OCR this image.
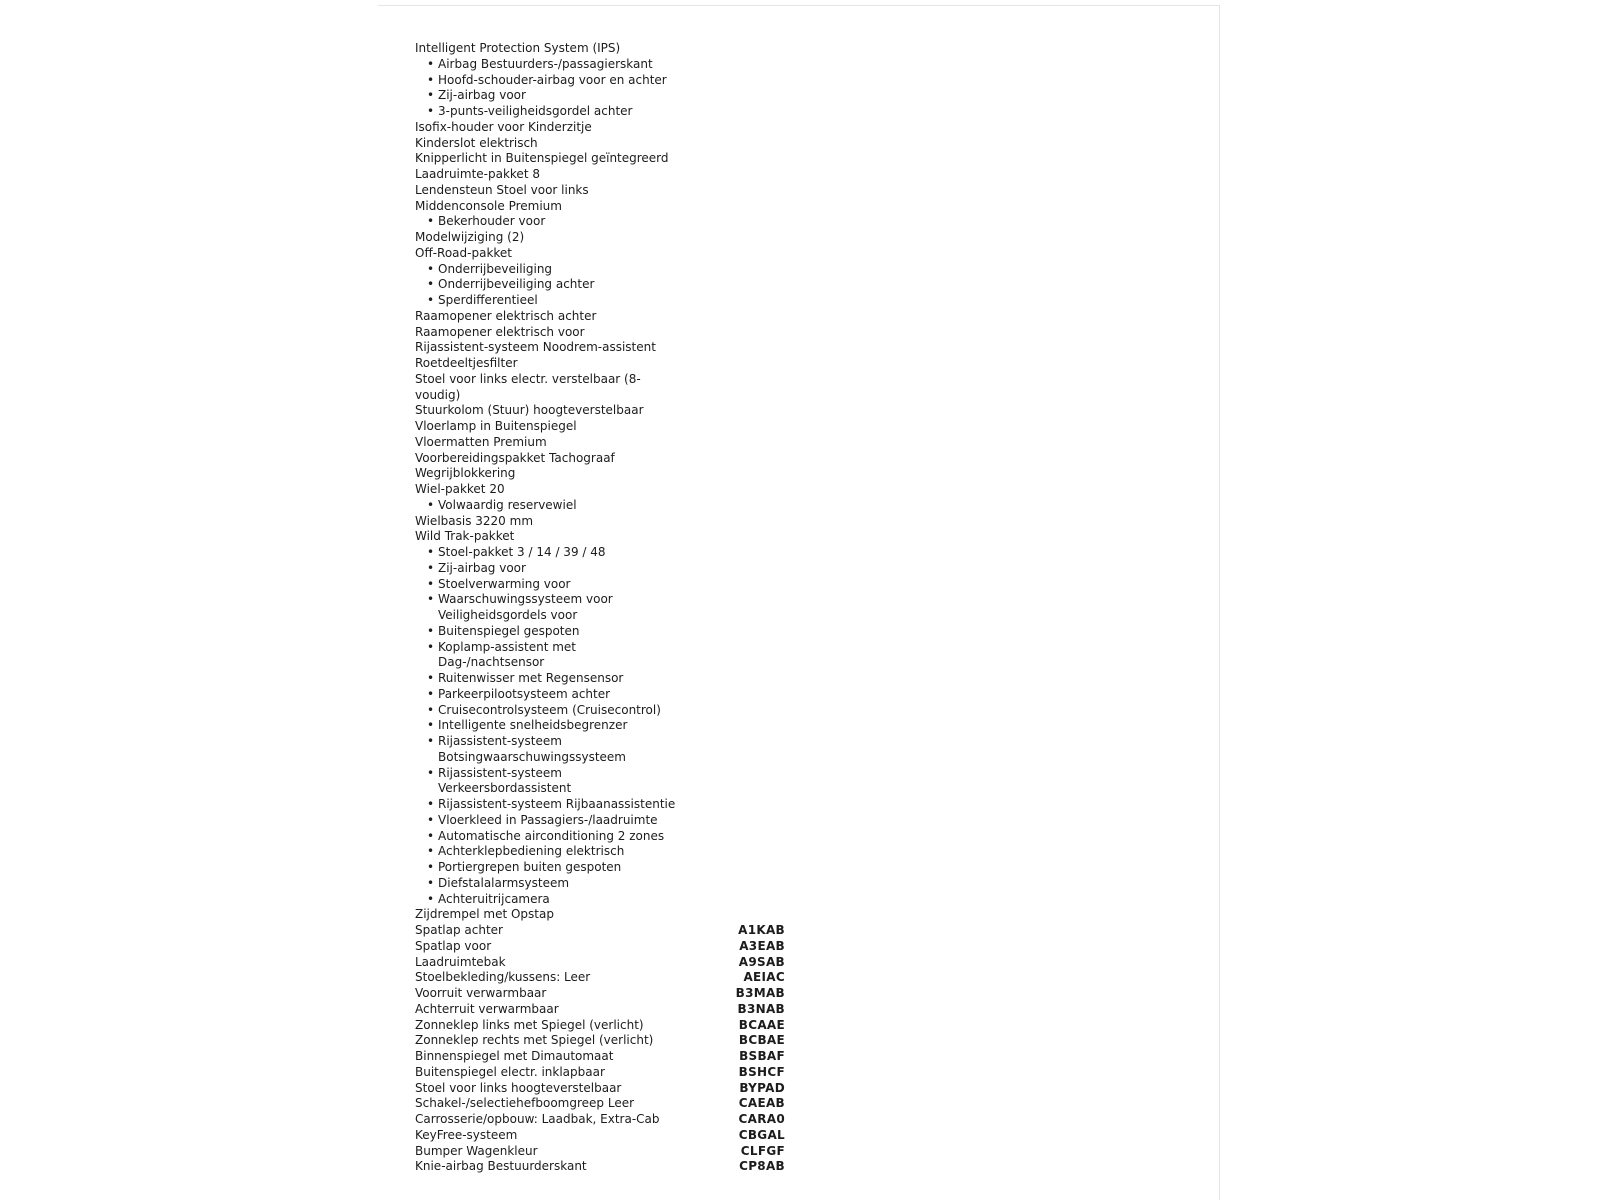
Intelligent Protection System (IPS)
• Airbag Bestuurders-/passagierskant
• Hoofd-schouder-airbag voor en achter
• Zij-airbag voor
• 3-punts-veiligheidsgordel achter
Isofix-houder voor Kinderzitje
Kinderslot elektrisch
Knipperlicht in Buitenspiegel geïntegreerd
Laadruimte-pakket 8
Lendensteun Stoel voor links
Middenconsole Premium
• Bekerhouder voor
Modelwijziging (2)
Off-Road-pakket
• Onderrijbeveiliging
• Onderrijbeveiliging achter
• Sperdifferentieel
Raamopener elektrisch achter
Raamopener elektrisch voor
Rijassistent-systeem Noodrem-assistent
Roetdeeltjesfilter
Stoel voor links electr. verstelbaar (8-voudig)
Stuurkolom (Stuur) hoogteverstelbaar
Vloerlamp in Buitenspiegel
Vloermatten Premium
Voorbereidingspakket Tachograaf
Wegrijblokkering
Wiel-pakket 20
• Volwaardig reservewiel
Wielbasis 3220 mm
Wild Trak-pakket
• Stoel-pakket 3 / 14 / 39 / 48
• Zij-airbag voor
• Stoelverwarming voor
• Waarschuwingssysteem voor Veiligheidsgordels voor
• Buitenspiegel gespoten
• Koplamp-assistent met Dag-/nachtsensor
• Ruitenwisser met Regensensor
• Parkeerpilootsysteem achter
• Cruisecontrolsysteem (Cruisecontrol)
• Intelligente snelheidsbegrenzer
• Rijassistent-systeem Botsingwaarschuwingssysteem
• Rijassistent-systeem Verkeersbordassistent
• Rijassistent-systeem Rijbaanassistentie
• Vloerkleed in Passagiers-/laadruimte
• Automatische airconditioning 2 zones
• Achterklepbediening elektrisch
• Portiergrepen buiten gespoten
• Diefstalalarmsysteem
• Achteruitrijcamera
Zijdrempel met Opstap
Spatlap achter	A1KAB
Spatlap voor	A3EAB
Laadruimtebak	A9SAB
Stoelbekleding/kussens: Leer	AEIAC
Voorruit verwarmbaar	B3MAB
Achterruit verwarmbaar	B3NAB
Zonneklep links met Spiegel (verlicht)	BCAAE
Zonneklep rechts met Spiegel (verlicht)	BCBAE
Binnenspiegel met Dimautomaat	BSBAF
Buitenspiegel electr. inklapbaar	BSHCF
Stoel voor links hoogteverstelbaar	BYPAD
Schakel-/selectiehefboomgreep Leer	CAEAB
Carrosserie/opbouw: Laadbak, Extra-Cab	CARA0
KeyFree-systeem	CBGAL
Bumper Wagenkleur	CLFGF
Knie-airbag Bestuurderskant	CP8AB
